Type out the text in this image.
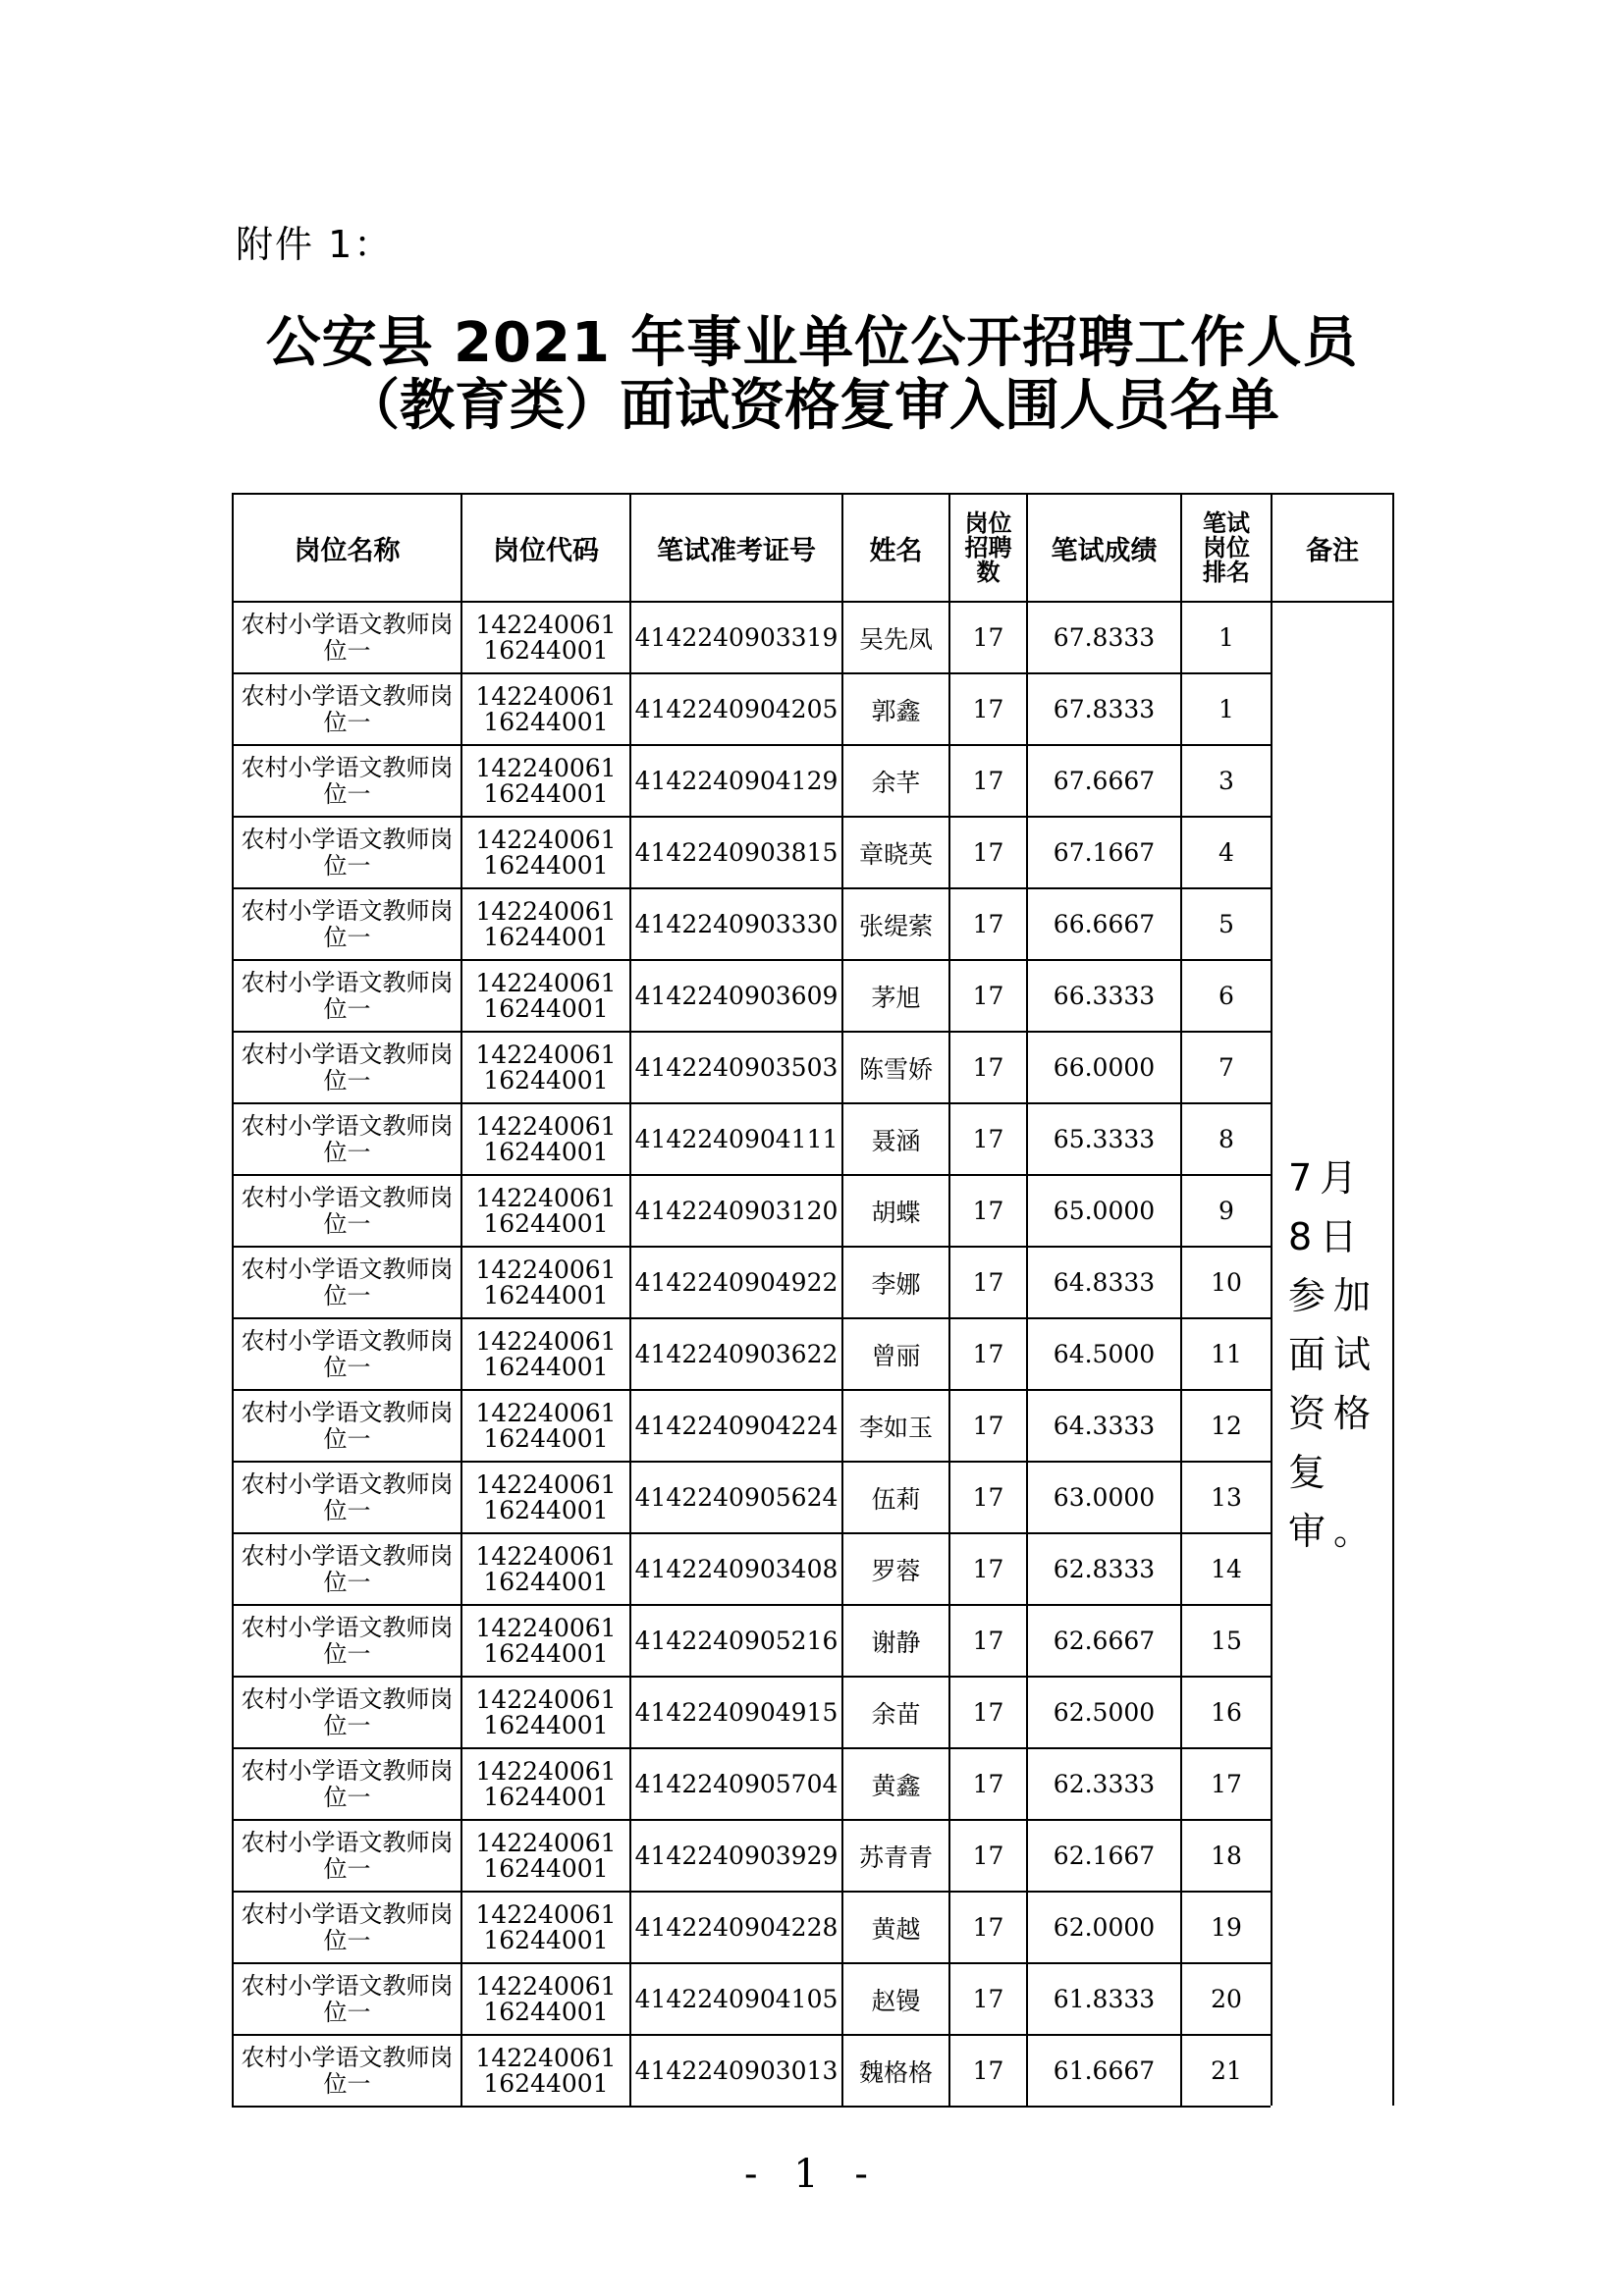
附件 1：
公安县 2021 年事业单位公开招聘工作人员
（教育类）面试资格复审入围人员名单
岗位名称	岗位代码	笔试准考证号	姓名	岗位招聘数	笔试成绩	笔试岗位排名	备注

农村小学语文教师岗位一	14224006116244001	4142240903319	吴先凤	17	67.8333	1	7月8日参加面试资格复审。

农村小学语文教师岗位一	14224006116244001	4142240904205	郭鑫	17	67.8333	1	

农村小学语文教师岗位一	14224006116244001	4142240904129	余芊	17	67.6667	3	

农村小学语文教师岗位一	14224006116244001	4142240903815	章晓英	17	67.1667	4	

农村小学语文教师岗位一	14224006116244001	4142240903330	张缇萦	17	66.6667	5	

农村小学语文教师岗位一	14224006116244001	4142240903609	茅旭	17	66.3333	6	

农村小学语文教师岗位一	14224006116244001	4142240903503	陈雪娇	17	66.0000	7	

农村小学语文教师岗位一	14224006116244001	4142240904111	聂涵	17	65.3333	8	

农村小学语文教师岗位一	14224006116244001	4142240903120	胡蝶	17	65.0000	9	

农村小学语文教师岗位一	14224006116244001	4142240904922	李娜	17	64.8333	10	

农村小学语文教师岗位一	14224006116244001	4142240903622	曾丽	17	64.5000	11	

农村小学语文教师岗位一	14224006116244001	4142240904224	李如玉	17	64.3333	12	

农村小学语文教师岗位一	14224006116244001	4142240905624	伍莉	17	63.0000	13	

农村小学语文教师岗位一	14224006116244001	4142240903408	罗蓉	17	62.8333	14	

农村小学语文教师岗位一	14224006116244001	4142240905216	谢静	17	62.6667	15	

农村小学语文教师岗位一	14224006116244001	4142240904915	余苗	17	62.5000	16	

农村小学语文教师岗位一	14224006116244001	4142240905704	黄鑫	17	62.3333	17	

农村小学语文教师岗位一	14224006116244001	4142240903929	苏青青	17	62.1667	18	

农村小学语文教师岗位一	14224006116244001	4142240904228	黄越	17	62.0000	19	

农村小学语文教师岗位一	14224006116244001	4142240904105	赵镘	17	61.8333	20	

农村小学语文教师岗位一	14224006116244001	4142240903013	魏格格	17	61.6667	21	
- 1 -
